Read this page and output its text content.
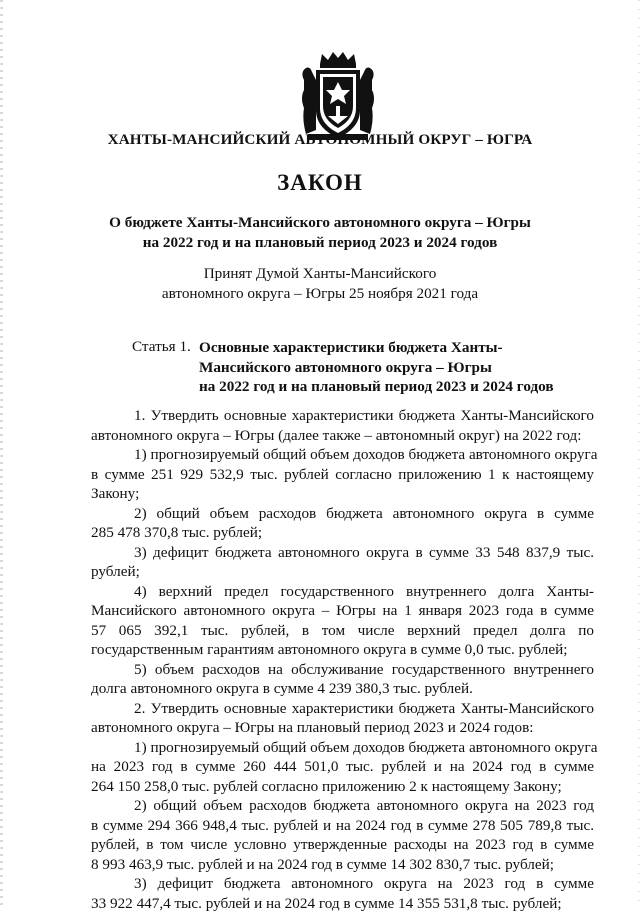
ХАНТЫ-МАНСИЙСКИЙ АВТОНОМНЫЙ ОКРУГ – ЮГРА
ЗАКОН
О бюджете Ханты-Мансийского автономного округа – Югры
на 2022 год и на плановый период 2023 и 2024 годов
Принят Думой Ханты-Мансийского
автономного округа – Югры 25 ноября 2021 года
Статья 1. Основные характеристики бюджета Ханты-
Мансийского автономного округа – Югры
на 2022 год и на плановый период 2023 и 2024 годов
1. Утвердить основные характеристики бюджета Ханты-Мансийского
автономного округа – Югры (далее также – автономный округ) на 2022 год:
1) прогнозируемый общий объем доходов бюджета автономного округа
в сумме 251 929 532,9 тыс. рублей согласно приложению 1 к настоящему
Закону;
2) общий объем расходов бюджета автономного округа в сумме
285 478 370,8 тыс. рублей;
3) дефицит бюджета автономного округа в сумме 33 548 837,9 тыс.
рублей;
4) верхний предел государственного внутреннего долга Ханты-
Мансийского автономного округа – Югры на 1 января 2023 года в сумме
57 065 392,1 тыс. рублей, в том числе верхний предел долга по
государственным гарантиям автономного округа в сумме 0,0 тыс. рублей;
5) объем расходов на обслуживание государственного внутреннего
долга автономного округа в сумме 4 239 380,3 тыс. рублей.
2. Утвердить основные характеристики бюджета Ханты-Мансийского
автономного округа – Югры на плановый период 2023 и 2024 годов:
1) прогнозируемый общий объем доходов бюджета автономного округа
на 2023 год в сумме 260 444 501,0 тыс. рублей и на 2024 год в сумме
264 150 258,0 тыс. рублей согласно приложению 2 к настоящему Закону;
2) общий объем расходов бюджета автономного округа на 2023 год
в сумме 294 366 948,4 тыс. рублей и на 2024 год в сумме 278 505 789,8 тыс.
рублей, в том числе условно утвержденные расходы на 2023 год в сумме
8 993 463,9 тыс. рублей и на 2024 год в сумме 14 302 830,7 тыс. рублей;
3) дефицит бюджета автономного округа на 2023 год в сумме
33 922 447,4 тыс. рублей и на 2024 год в сумме 14 355 531,8 тыс. рублей;
